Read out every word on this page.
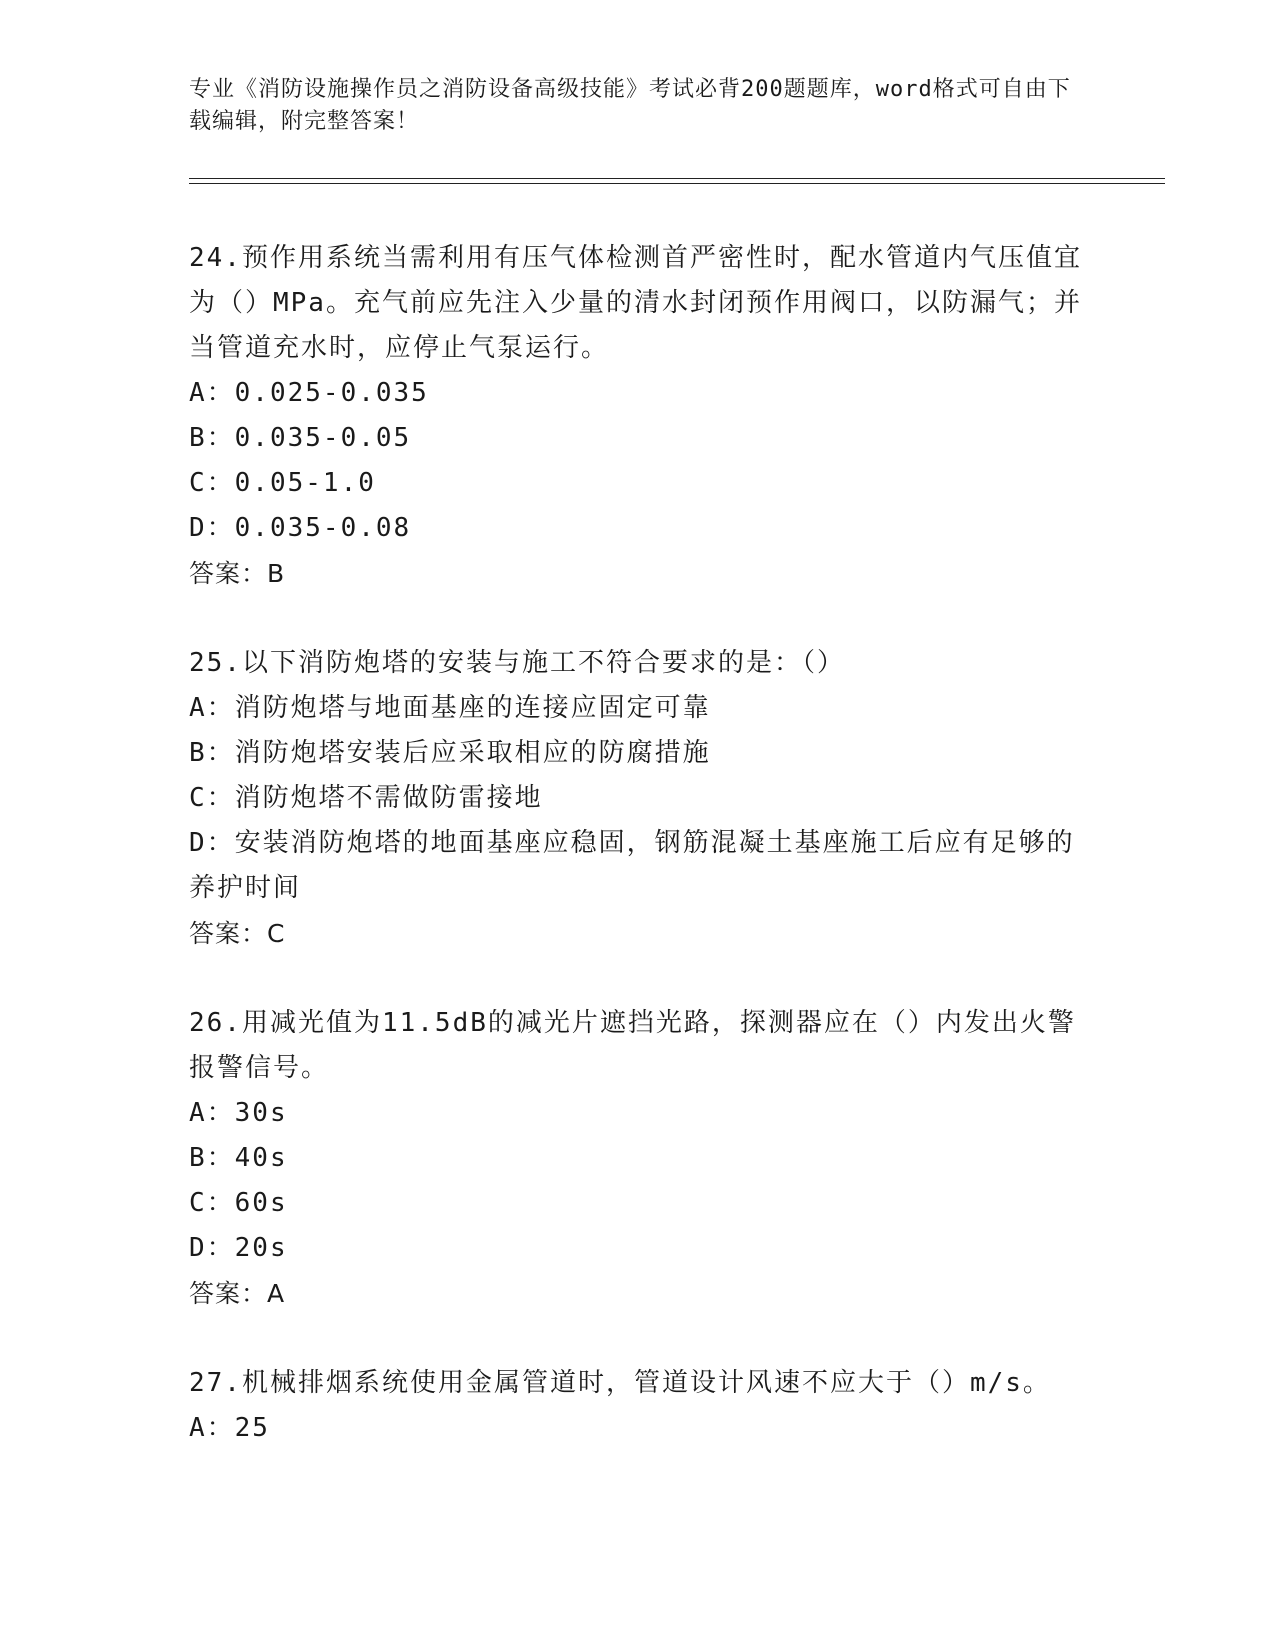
专业《消防设施操作员之消防设备高级技能》考试必背200题题库，word格式可自由下载编辑，附完整答案！
24.预作用系统当需利用有压气体检测首严密性时，配水管道内气压值宜为（）MPa。充气前应先注入少量的清水封闭预作用阀口，以防漏气；并当管道充水时，应停止气泵运行。
A：0.025-0.035
B：0.035-0.05
C：0.05-1.0
D：0.035-0.08
答案：B
25.以下消防炮塔的安装与施工不符合要求的是：（）
A：消防炮塔与地面基座的连接应固定可靠
B：消防炮塔安装后应采取相应的防腐措施
C：消防炮塔不需做防雷接地
D：安装消防炮塔的地面基座应稳固，钢筋混凝土基座施工后应有足够的养护时间
答案：C
26.用减光值为11.5dB的减光片遮挡光路，探测器应在（）内发出火警报警信号。
A：30s
B：40s
C：60s
D：20s
答案：A
27.机械排烟系统使用金属管道时，管道设计风速不应大于（）m/s。
A：25
